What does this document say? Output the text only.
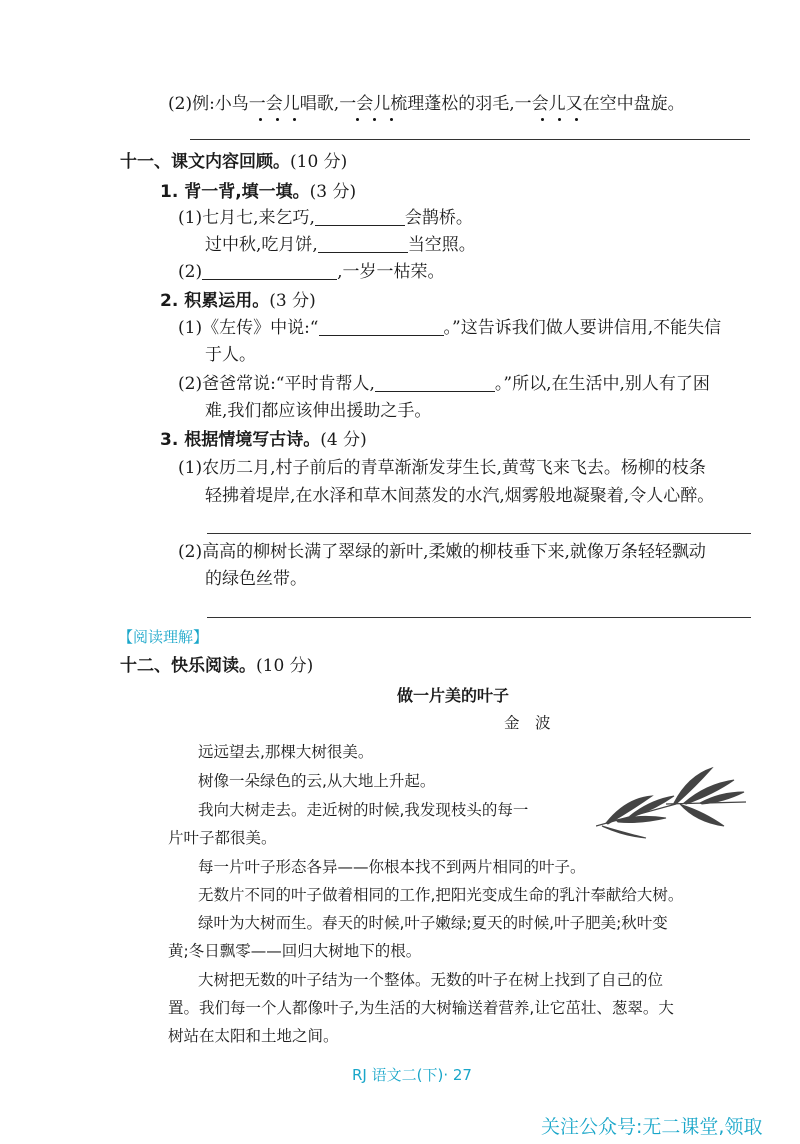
(2)例:小鸟一会儿唱歌,一会儿梳理蓬松的羽毛,一会儿又在空中盘旋。
十一、课文内容回顾。(10 分)
1. 背一背,填一填。(3 分)
(1)七月七,来乞巧,	会鹊桥。
过中秋,吃月饼,	当空照。
(2)	,一岁一枯荣。
2. 积累运用。(3 分)
(1)《左传》中说:“	。”这告诉我们做人要讲信用,不能失信
于人。
(2)爸爸常说:“平时肯帮人,	。”所以,在生活中,别人有了困
难,我们都应该伸出援助之手。
3. 根据情境写古诗。(4 分)
(1)农历二月,村子前后的青草渐渐发芽生长,黄莺飞来飞去。杨柳的枝条
轻拂着堤岸,在水泽和草木间蒸发的水汽,烟雾般地凝聚着,令人心醉。
(2)高高的柳树长满了翠绿的新叶,柔嫩的柳枝垂下来,就像万条轻轻飘动
的绿色丝带。
【阅读理解】
十二、快乐阅读。(10 分)
做一片美的叶子
金　波
远远望去,那棵大树很美。
树像一朵绿色的云,从大地上升起。
我向大树走去。走近树的时候,我发现枝头的每一
片叶子都很美。
每一片叶子形态各异——你根本找不到两片相同的叶子。
无数片不同的叶子做着相同的工作,把阳光变成生命的乳汁奉献给大树。
绿叶为大树而生。春天的时候,叶子嫩绿;夏天的时候,叶子肥美;秋叶变
黄;冬日飘零——回归大树地下的根。
大树把无数的叶子结为一个整体。无数的叶子在树上找到了自己的位
置。我们每一个人都像叶子,为生活的大树输送着营养,让它茁壮、葱翠。大
树站在太阳和土地之间。
RJ 语文二(下)· 27
关注公众号:无二课堂,领取
